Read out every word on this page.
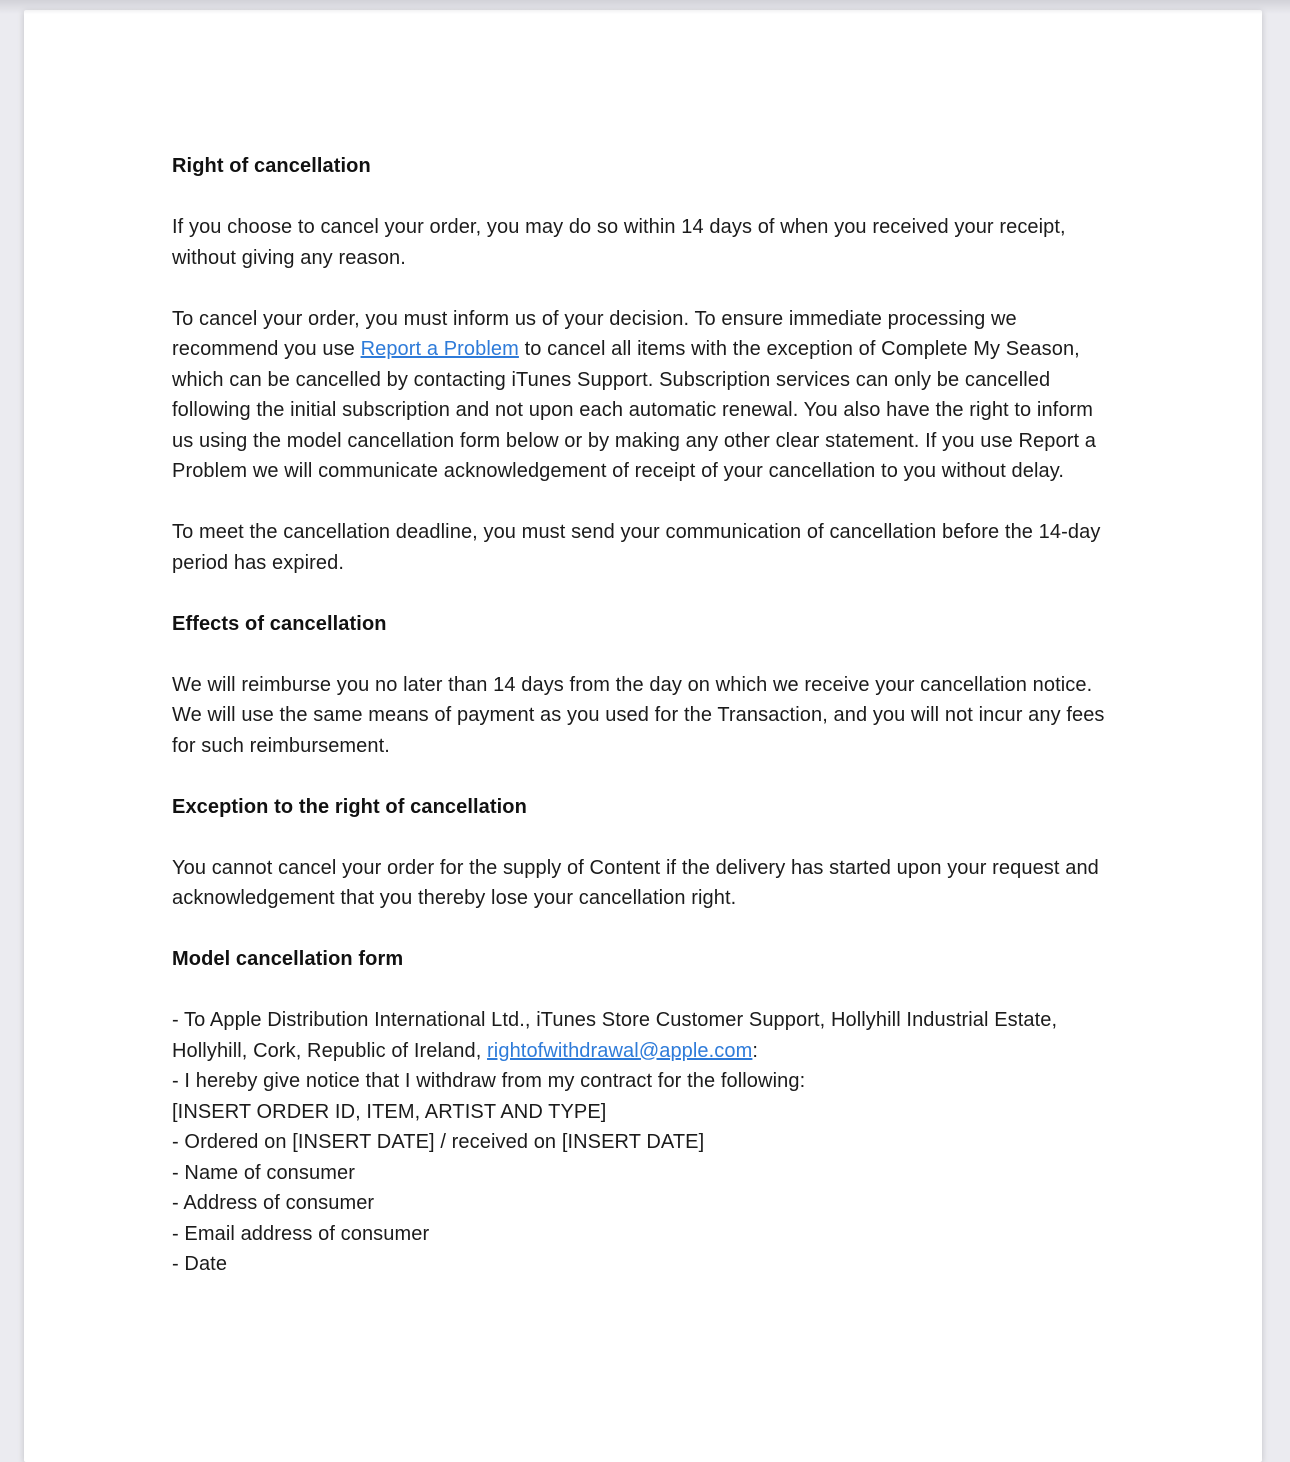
Right of cancellation

If you choose to cancel your order, you may do so within 14 days of when you received your receipt, without giving any reason.

To cancel your order, you must inform us of your decision. To ensure immediate processing we recommend you use Report a Problem to cancel all items with the exception of Complete My Season, which can be cancelled by contacting iTunes Support. Subscription services can only be cancelled following the initial subscription and not upon each automatic renewal. You also have the right to inform us using the model cancellation form below or by making any other clear statement. If you use Report a Problem we will communicate acknowledgement of receipt of your cancellation to you without delay.

To meet the cancellation deadline, you must send your communication of cancellation before the 14-day period has expired.

Effects of cancellation

We will reimburse you no later than 14 days from the day on which we receive your cancellation notice. We will use the same means of payment as you used for the Transaction, and you will not incur any fees for such reimbursement.

Exception to the right of cancellation

You cannot cancel your order for the supply of Content if the delivery has started upon your request and acknowledgement that you thereby lose your cancellation right.

Model cancellation form
- To Apple Distribution International Ltd., iTunes Store Customer Support, Hollyhill Industrial Estate, Hollyhill, Cork, Republic of Ireland, rightofwithdrawal@apple.com:
- I hereby give notice that I withdraw from my contract for the following:
[INSERT ORDER ID, ITEM, ARTIST AND TYPE]
- Ordered on [INSERT DATE] / received on [INSERT DATE]
- Name of consumer
- Address of consumer
- Email address of consumer
- Date
